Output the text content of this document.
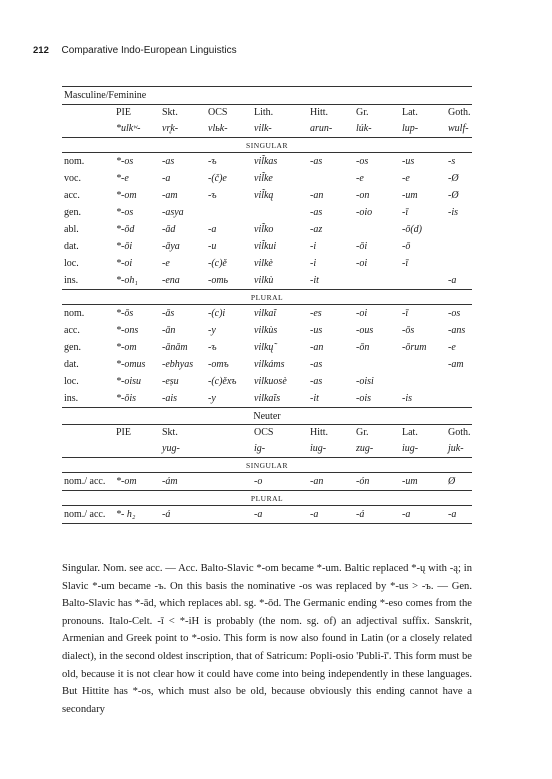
212 Comparative Indo-European Linguistics
Masculine/Feminine									
	PIE	Skt.	OCS	Lith.	Hitt.	Gr.	Lat.	Goth.	
	*ulkʷ-	vr̥k-	vlьk-	vilk-	arun-	lúk-	lup-	wulf-	
SINGULAR									
nom.	*-os	-as	-ъ	vil̃kas	-as	-os	-us	-s	
voc.	*-e	-a	-(č)e	vil̃ke		-e	-e	-Ø	
acc.	*-om	-am	-ъ	vil̃ką	-an	-on	-um	-Ø	
gen.	*-os	-asya			-as	-oio	-ī	-is	
abl.	*-ōd	-ād	-a	vil̃ko	-az		-ō(d)		
dat.	*-ōi	-āya	-u	vil̃kui	-i	-ōi	-ō		
loc.	*-oi	-e	-(c)ě	vilkè	-i	-oi	-ī		
ins.	*-oh₁	-ena	-omь	vilkù	-it			-a	
PLURAL									
nom.	*-ōs	-ās	-(c)i	vilkaĩ	-es	-oi	-ī	-os	
acc.	*-ons	-ān	-y	vilkùs	-us	-ous	-ōs	-ans	
gen.	*-om	-ānām	-ъ	vilkų̃	-an	-ōn	-ōrum	-e	
dat.	*-omus	-ebhyas	-omъ	vilkáms	-as			-am	
loc.	*-oisu	-eṣu	-(c)ěxъ	vilkuosè	-as	-oisi			
ins.	*-ōis	-ais	-y	vilkaĩs	-it	-ois	-is		
Neuter									
	PIE	Skt.		OCS	Hitt.	Gr.	Lat.	Goth.	
		yug-		ig-	iug-	zug-	iug-	juk-	
SINGULAR									
nom./ acc.	*-om	-ám		-o	-an	-ón	-um	Ø	
PLURAL									
nom./ acc.	*- h₂	-á		-a	-a	-á	-a	-a	

Singular. Nom. see acc. — Acc. Balto-Slavic *-om became *-um. Baltic replaced *-ų with -ą; in Slavic *-um became -ъ. On this basis the nominative -os was replaced by *-us > -ъ. — Gen. Balto-Slavic has *-ād, which replaces abl. sg. *-ōd. The Germanic ending *-eso comes from the pronouns. Italo-Celt. -ī < *-iH is probably (the nom. sg. of) an adjectival suffix. Sanskrit, Armenian and Greek point to *-osio. This form is now also found in Latin (or a closely related dialect), in the second oldest inscription, that of Satricum: Popli-osio 'Publi-ī'. This form must be old, because it is not clear how it could have come into being independently in these languages. But Hittite has *-os, which must also be old, because obviously this ending cannot have a secondary
